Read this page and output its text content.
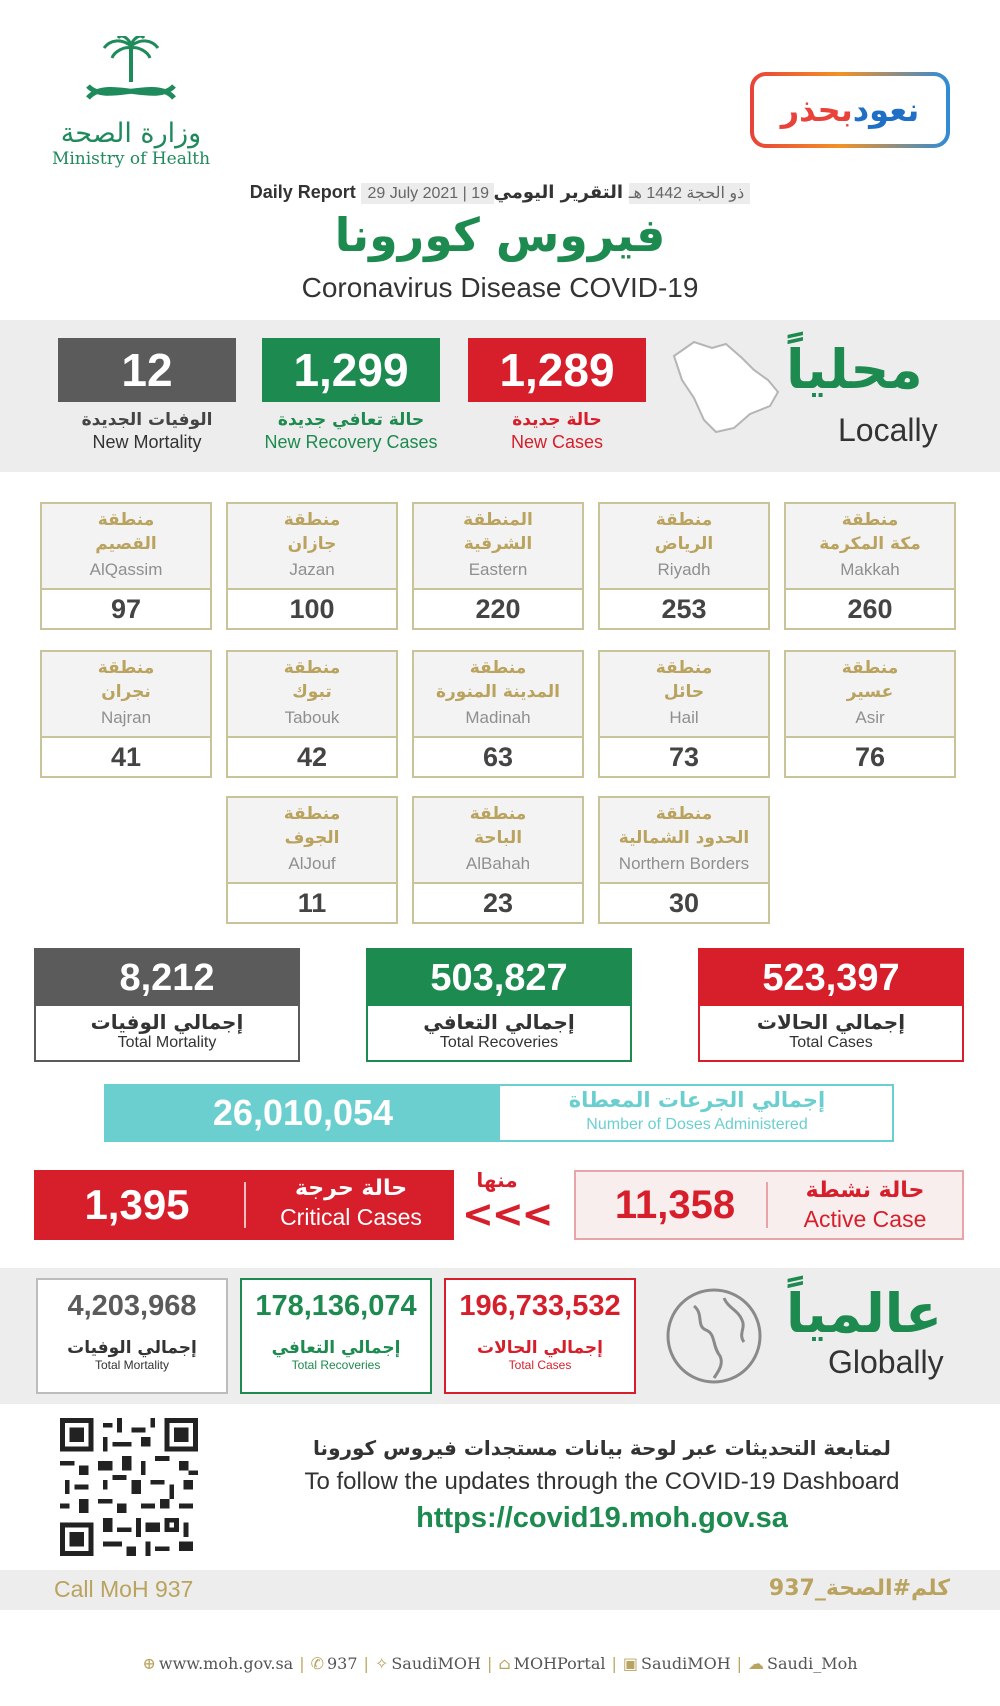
وزارة الصحة
Ministry of Health
بحذر نعود
Daily Report 29 July 2021 | 19 ذو الحجة 1442 هـ التقرير اليومي
فيروس كورونا
Coronavirus Disease COVID-19
12
الوفيات الجديدة
New Mortality
1,299
حالة تعافي جديدة
New Recovery Cases
1,289
حالة جديدة
New Cases
محلياً
Locally
منطقة
مكة المكرمة
Makkah
260
منطقة
الرياض
Riyadh
253
المنطقة
الشرقية
Eastern
220
منطقة
جازان
Jazan
100
منطقة
القصيم
AlQassim
97
منطقة
عسير
Asir
76
منطقة
حائل
Hail
73
منطقة
المدينة المنورة
Madinah
63
منطقة
تبوك
Tabouk
42
منطقة
نجران
Najran
41
منطقة
الحدود الشمالية
Northern Borders
30
منطقة
الباحة
AlBahah
23
منطقة
الجوف
AlJouf
11
8,212
إجمالي الوفيات
Total Mortality
503,827
إجمالي التعافي
Total Recoveries
523,397
إجمالي الحالات
Total Cases
26,010,054	إجمالي الجرعات المعطاة
Number of Doses Administered
1,395	حالة حرجة
Critical Cases
منها
<<<	11,358	حالة نشطة
Active Case
4,203,968
إجمالي الوفيات
Total Mortality
178,136,074
إجمالي التعافي
Total Recoveries
196,733,532
إجمالي الحالات
Total Cases
عالمياً
Globally
لمتابعة التحديثات عبر لوحة بيانات مستجدات فيروس كورونا
To follow the updates through the COVID-19 Dashboard
https://covid19.moh.gov.sa
Call MoH 937	كلم#الصحة_937
⊕ www.moh.gov.sa | ✆ 937 | ✧ SaudiMOH | ⌂ MOHPortal | ▣ SaudiMOH | ☁ Saudi_Moh
